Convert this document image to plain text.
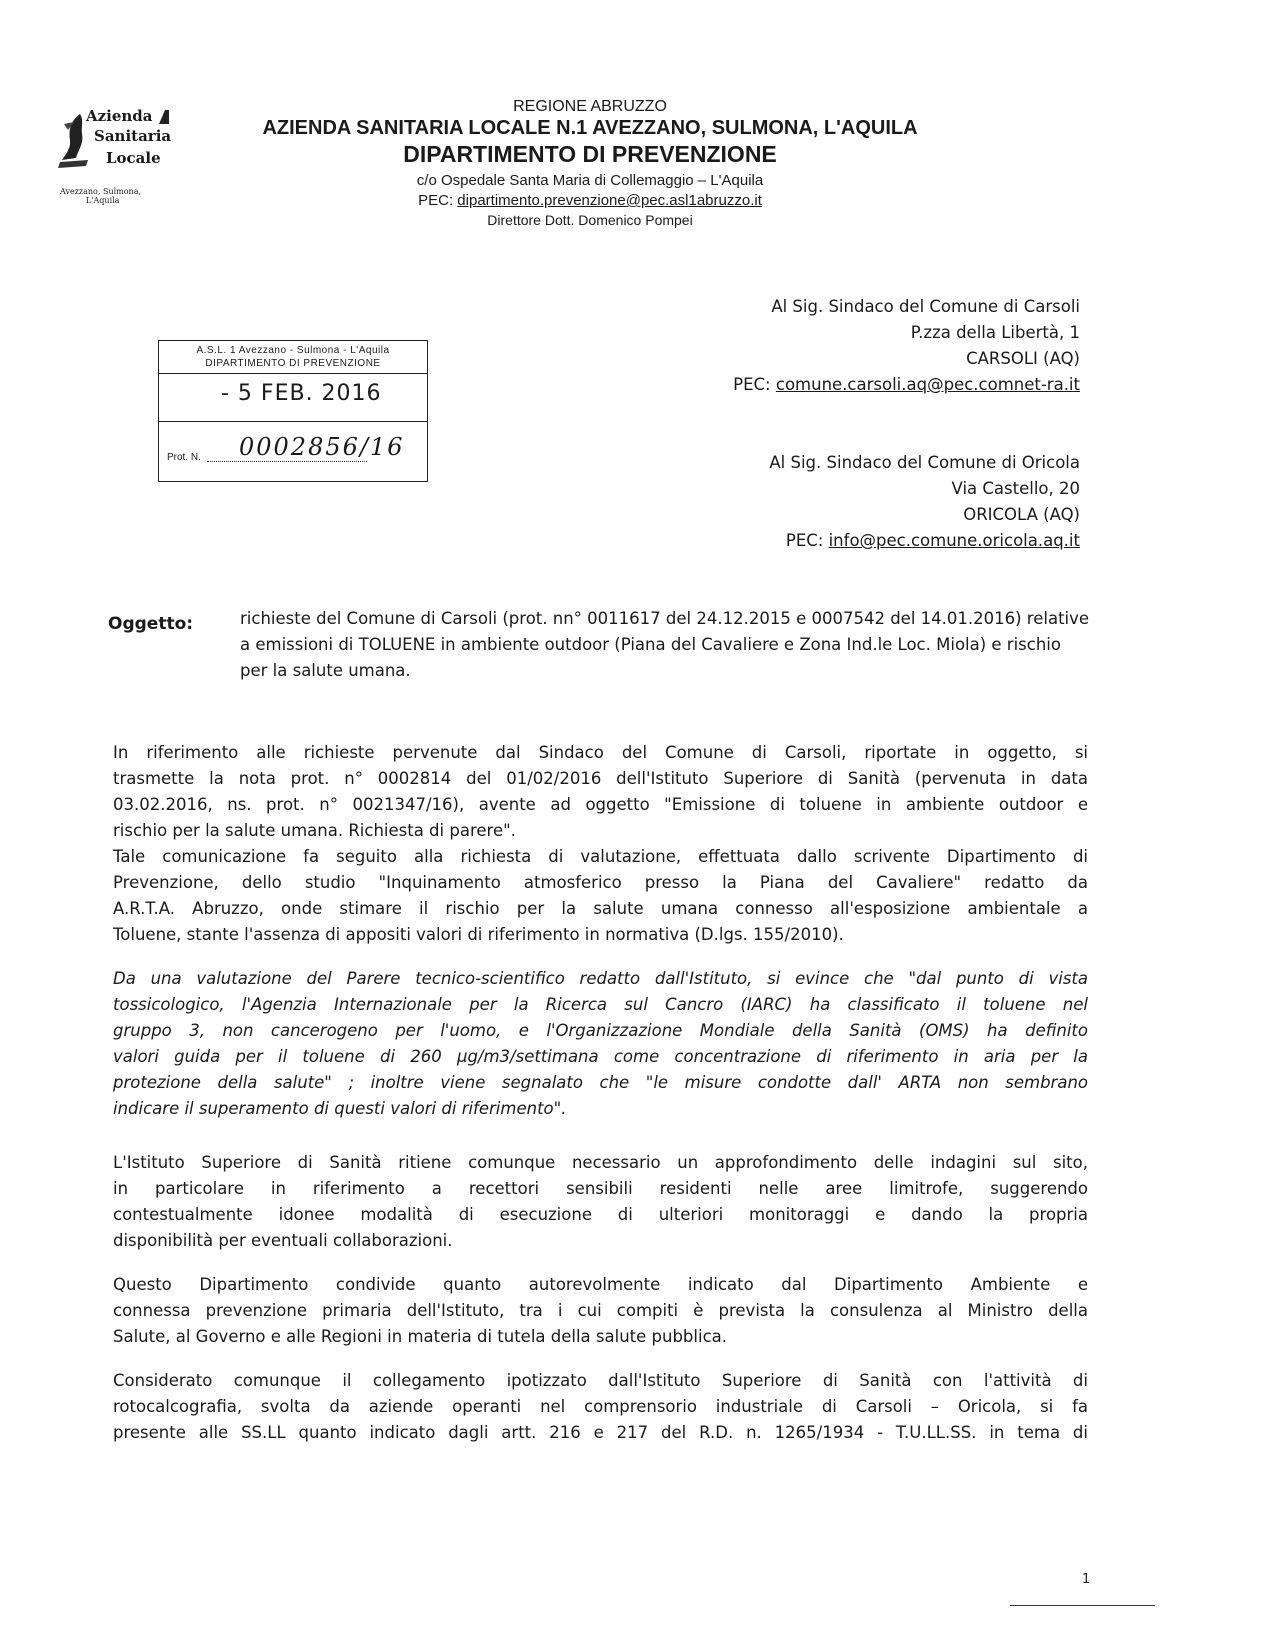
Azienda
Sanitaria
Locale
Avezzano, Sulmona,
L'Aquila
REGIONE ABRUZZO
AZIENDA SANITARIA LOCALE N.1 AVEZZANO, SULMONA, L'AQUILA
DIPARTIMENTO DI PREVENZIONE
c/o Ospedale Santa Maria di Collemaggio – L'Aquila
PEC: dipartimento.prevenzione@pec.asl1abruzzo.it
Direttore Dott. Domenico Pompei
A.S.L. 1 Avezzano - Sulmona - L'Aquila
DIPARTIMENTO DI PREVENZIONE
- 5 FEB. 2016
Prot. N. 0002856/16
Al Sig. Sindaco del Comune di Carsoli
P.zza della Libertà, 1
CARSOLI (AQ)
PEC: comune.carsoli.aq@pec.comnet-ra.it
Al Sig. Sindaco del Comune di Oricola
Via Castello, 20
ORICOLA (AQ)
PEC: info@pec.comune.oricola.aq.it
Oggetto:	richieste del Comune di Carsoli (prot. nn° 0011617 del 24.12.2015 e 0007542 del 14.01.2016) relative a emissioni di TOLUENE in ambiente outdoor (Piana del Cavaliere e Zona Ind.le Loc. Miola) e rischio per la salute umana.
In riferimento alle richieste pervenute dal Sindaco del Comune di Carsoli, riportate in oggetto, si
trasmette la nota prot. n° 0002814 del 01/02/2016 dell'Istituto Superiore di Sanità (pervenuta in data
03.02.2016, ns. prot. n° 0021347/16), avente ad oggetto "Emissione di toluene in ambiente outdoor e
rischio per la salute umana. Richiesta di parere".
Tale comunicazione fa seguito alla richiesta di valutazione, effettuata dallo scrivente Dipartimento di
Prevenzione, dello studio "Inquinamento atmosferico presso la Piana del Cavaliere" redatto da
A.R.T.A. Abruzzo, onde stimare il rischio per la salute umana connesso all'esposizione ambientale a
Toluene, stante l'assenza di appositi valori di riferimento in normativa (D.lgs. 155/2010).
Da una valutazione del Parere tecnico-scientifico redatto dall'Istituto, si evince che "dal punto di vista
tossicologico, l'Agenzia Internazionale per la Ricerca sul Cancro (IARC) ha classificato il toluene nel
gruppo 3, non cancerogeno per l'uomo, e l'Organizzazione Mondiale della Sanità (OMS) ha definito
valori guida per il toluene di 260 µg/m3/settimana come concentrazione di riferimento in aria per la
protezione della salute" ; inoltre viene segnalato che "le misure condotte dall' ARTA non sembrano
indicare il superamento di questi valori di riferimento".
L'Istituto Superiore di Sanità ritiene comunque necessario un approfondimento delle indagini sul sito,
in particolare in riferimento a recettori sensibili residenti nelle aree limitrofe, suggerendo
contestualmente idonee modalità di esecuzione di ulteriori monitoraggi e dando la propria
disponibilità per eventuali collaborazioni.
Questo Dipartimento condivide quanto autorevolmente indicato dal Dipartimento Ambiente e
connessa prevenzione primaria dell'Istituto, tra i cui compiti è prevista la consulenza al Ministro della
Salute, al Governo e alle Regioni in materia di tutela della salute pubblica.
Considerato comunque il collegamento ipotizzato dall'Istituto Superiore di Sanità con l'attività di
rotocalcografia, svolta da aziende operanti nel comprensorio industriale di Carsoli – Oricola, si fa
presente alle SS.LL quanto indicato dagli artt. 216 e 217 del R.D. n. 1265/1934 - T.U.LL.SS. in tema di
1
